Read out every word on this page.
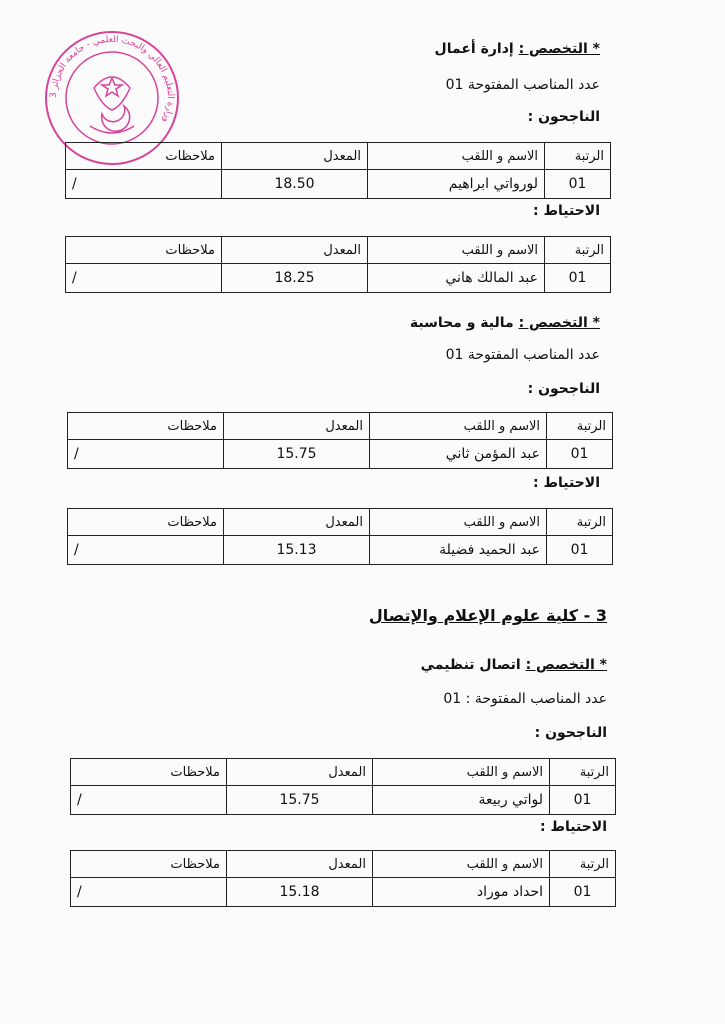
وزارة التعليم العالي والبحث العلمي - جامعة الجزائر 3
* التخصص : إدارة أعمال
عدد المناصب المفتوحة 01
الناجحون :
الرتبة	الاسم و اللقب	المعدل	ملاحظات
01	لورواتي ابراهيم	18.50	/
الاحتياط :
الرتبة	الاسم و اللقب	المعدل	ملاحظات
01	عبد المالك هاني	18.25	/
* التخصص : مالية و محاسبة
عدد المناصب المفتوحة 01
الناجحون :
الرتبة	الاسم و اللقب	المعدل	ملاحظات
01	عبد المؤمن ثاني	15.75	/
الاحتياط :
الرتبة	الاسم و اللقب	المعدل	ملاحظات
01	عبد الحميد فضيلة	15.13	/
3 - كلية علوم الإعلام والإتصال
* التخصص : اتصال تنظيمي
عدد المناصب المفتوحة : 01
الناجحون :
الرتبة	الاسم و اللقب	المعدل	ملاحظات
01	لواتي ربيعة	15.75	/
الاحتياط :
الرتبة	الاسم و اللقب	المعدل	ملاحظات
01	احداد موراد	15.18	/
